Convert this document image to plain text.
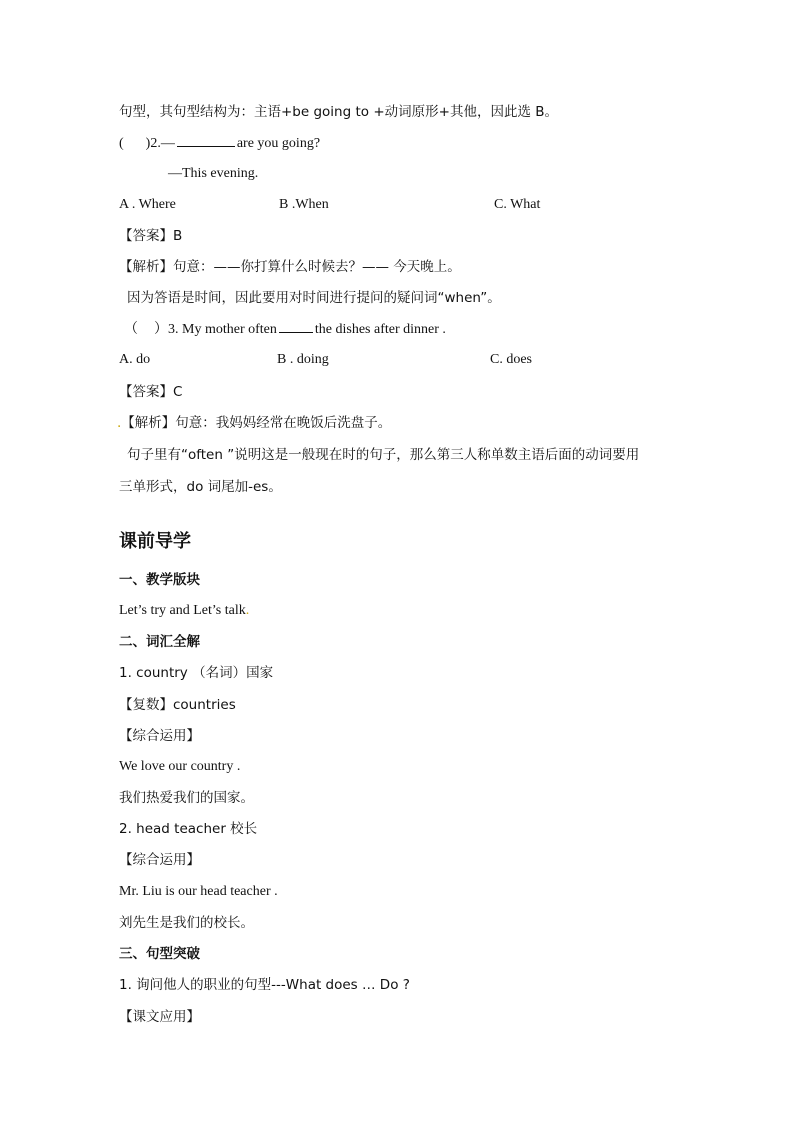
句型，其句型结构为：主语+be going to +动词原形+其他，因此选 B。
( )2.—	are you going?
—This evening.
A . Where	B .When	C. What
【答案】B
【解析】句意：——你打算什么时候去？—— 今天晚上。
因为答语是时间，因此要用对时间进行提问的疑问词“when”。
（ ）3. My mother often	the dishes after dinner .
A. do	B . doing	C. does
【答案】C
.【解析】句意：我妈妈经常在晚饭后洗盘子。
句子里有“often ”说明这是一般现在时的句子，那么第三人称单数主语后面的动词要用
三单形式，do 词尾加-es。
课前导学
一、教学版块
Let’s try and Let’s talk.
二、词汇全解
1. country （名词）国家
【复数】countries
【综合运用】
We love our country .
我们热爱我们的国家。
2. head teacher 校长
【综合运用】
Mr. Liu is our head teacher .
刘先生是我们的校长。
三、句型突破
1. 询问他人的职业的句型---What does … Do ?
【课文应用】
